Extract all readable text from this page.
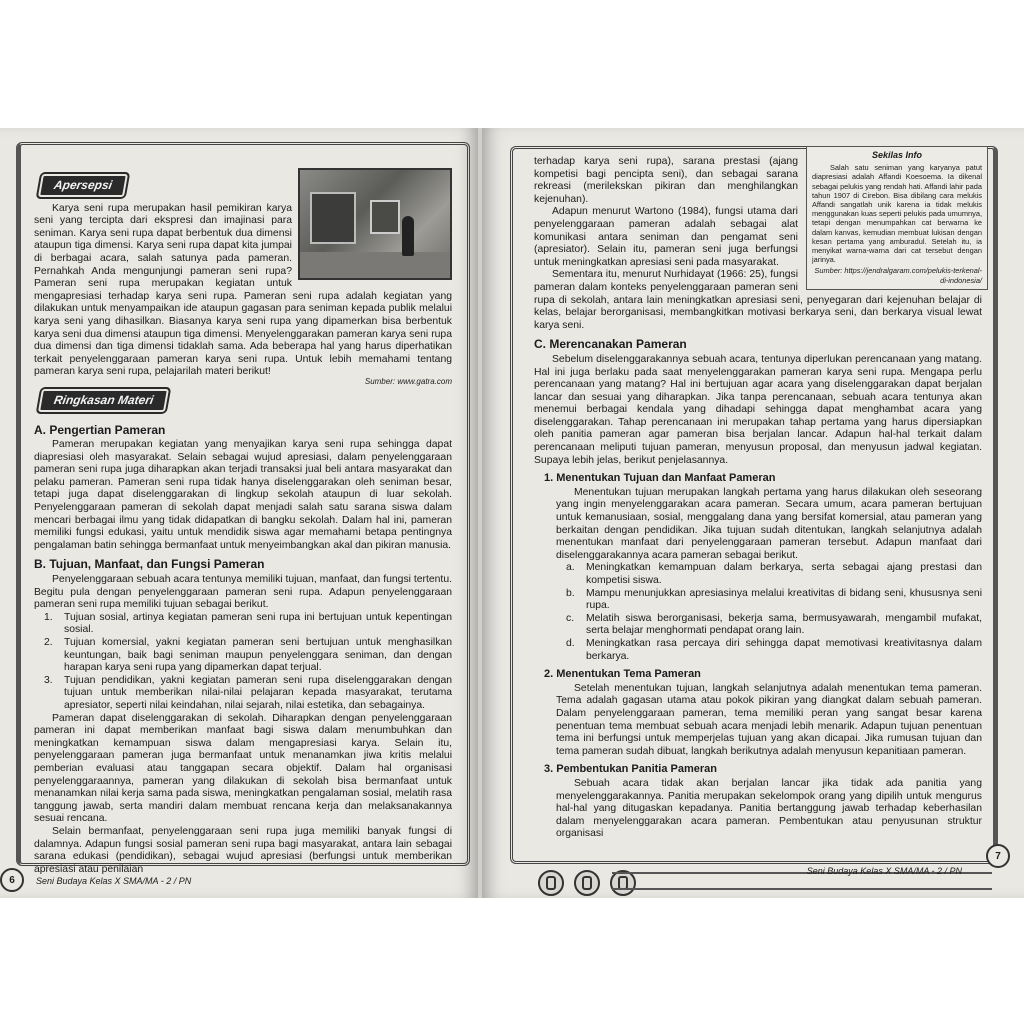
Apersepsi

Karya seni rupa merupakan hasil pemikiran karya seni yang tercipta dari ekspresi dan imajinasi para seniman. Karya seni rupa dapat berbentuk dua dimensi ataupun tiga dimensi. Karya seni rupa dapat kita jumpai di berbagai acara, salah satunya pada pameran. Pernahkah Anda mengunjungi pameran seni rupa? Pameran seni rupa merupakan kegiatan untuk mengapresiasi terhadap karya seni rupa. Pameran seni rupa adalah kegiatan yang dilakukan untuk menyampaikan ide ataupun gagasan para seniman kepada publik melalui karya seni yang dihasilkan. Biasanya karya seni rupa yang dipamerkan bisa berbentuk karya seni dua dimensi ataupun tiga dimensi. Menyelenggarakan pameran karya seni rupa dua dimensi dan tiga dimensi tidaklah sama. Ada beberapa hal yang harus diperhatikan terkait penyelenggaraan pameran karya seni rupa. Untuk lebih memahami tentang pameran karya seni rupa, pelajarilah materi berikut!

Sumber: www.gatra.com
Ringkasan Materi
A. Pengertian Pameran

Pameran merupakan kegiatan yang menyajikan karya seni rupa sehingga dapat diapresiasi oleh masyarakat. Selain sebagai wujud apresiasi, dalam penyelenggaraan pameran seni rupa juga diharapkan akan terjadi transaksi jual beli antara masyarakat dan pelaku pameran. Pameran seni rupa tidak hanya diselenggarakan oleh seniman besar, tetapi juga dapat diselenggarakan di lingkup sekolah ataupun di luar sekolah. Penyelenggaraan pameran di sekolah dapat menjadi salah satu sarana siswa dalam mencari berbagai ilmu yang tidak didapatkan di bangku sekolah. Dalam hal ini, pameran memiliki fungsi edukasi, yaitu untuk mendidik siswa agar memahami betapa pentingnya pengalaman batin sehingga bermanfaat untuk menyeimbangkan akal dan pikiran manusia.

B. Tujuan, Manfaat, dan Fungsi Pameran

Penyelenggaraan sebuah acara tentunya memiliki tujuan, manfaat, dan fungsi tertentu. Begitu pula dengan penyelenggaraan pameran seni rupa. Adapun penyelenggaraan pameran seni rupa memiliki tujuan sebagai berikut.

1.	Tujuan sosial, artinya kegiatan pameran seni rupa ini bertujuan untuk kepentingan sosial.
2.	Tujuan komersial, yakni kegiatan pameran seni bertujuan untuk menghasilkan keuntungan, baik bagi seniman maupun penyelenggara seniman, dan dengan harapan karya seni rupa yang dipamerkan dapat terjual.
3.	Tujuan pendidikan, yakni kegiatan pameran seni rupa diselenggarakan dengan tujuan untuk memberikan nilai-nilai pelajaran kepada masyarakat, terutama apresiator, seperti nilai keindahan, nilai sejarah, nilai estetika, dan sebagainya.

Pameran dapat diselenggarakan di sekolah. Diharapkan dengan penyelenggaraan pameran ini dapat memberikan manfaat bagi siswa dalam menumbuhkan dan meningkatkan kemampuan siswa dalam mengapresiasi karya. Selain itu, penyelenggaraan pameran juga bermanfaat untuk menanamkan jiwa kritis melalui pemberian evaluasi atau tanggapan secara objektif. Dalam hal organisasi penyelenggaraannya, pameran yang dilakukan di sekolah bisa bermanfaat untuk menanamkan nilai kerja sama pada siswa, meningkatkan pengalaman sosial, melatih rasa tanggung jawab, serta mandiri dalam membuat rencana kerja dan melaksanakannya sesuai rencana.

Selain bermanfaat, penyelenggaraan seni rupa juga memiliki banyak fungsi di dalamnya. Adapun fungsi sosial pameran seni rupa bagi masyarakat, antara lain sebagai sarana edukasi (pendidikan), sebagai wujud apresiasi (berfungsi untuk memberikan apresiasi atau penilaian

6	Seni Budaya Kelas X SMA/MA - 2 / PN
Sekilas Info

Salah satu seniman yang karyanya patut diapresiasi adalah Affandi Koesoema. Ia dikenal sebagai pelukis yang rendah hati. Affandi lahir pada tahun 1907 di Cirebon. Bisa dibilang cara melukis Affandi sangatlah unik karena ia tidak melukis menggunakan kuas seperti pelukis pada umumnya, tetapi dengan menumpahkan cat berwarna ke dalam kanvas, kemudian membuat lukisan dengan kesan pertama yang amburadul. Setelah itu, ia menyikat warna-warna dari cat tersebut dengan jarinya.

Sumber: https://jendralgaram.com/pelukis-terkenal-di-indonesia/

terhadap karya seni rupa), sarana prestasi (ajang kompetisi bagi pencipta seni), dan sebagai sarana rekreasi (merilekskan pikiran dan menghilangkan kejenuhan).

Adapun menurut Wartono (1984), fungsi utama dari penyelenggaraan pameran adalah sebagai alat komunikasi antara seniman dan pengamat seni (apresiator). Selain itu, pameran seni juga berfungsi untuk meningkatkan apresiasi seni pada masyarakat.

Sementara itu, menurut Nurhidayat (1966: 25), fungsi pameran dalam konteks penyelenggaraan pameran seni rupa di sekolah, antara lain meningkatkan apresiasi seni, penyegaran dari kejenuhan belajar di kelas, belajar berorganisasi, membangkitkan motivasi berkarya seni, dan berkarya visual lewat karya seni.

C. Merencanakan Pameran

Sebelum diselenggarakannya sebuah acara, tentunya diperlukan perencanaan yang matang. Hal ini juga berlaku pada saat menyelenggarakan pameran karya seni rupa. Mengapa perlu perencanaan yang matang? Hal ini bertujuan agar acara yang diselenggarakan dapat berjalan lancar dan sesuai yang diharapkan. Jika tanpa perencanaan, sebuah acara tentunya akan menemui berbagai kendala yang dihadapi sehingga dapat menghambat acara yang diselenggarakan. Tahap perencanaan ini merupakan tahap pertama yang harus dipersiapkan oleh panitia pameran agar pameran bisa berjalan lancar. Adapun hal-hal terkait dalam perencanaan meliputi tujuan pameran, menyusun proposal, dan menyusun jadwal kegiatan. Supaya lebih jelas, berikut penjelasannya.

1. Menentukan Tujuan dan Manfaat Pameran

Menentukan tujuan merupakan langkah pertama yang harus dilakukan oleh seseorang yang ingin menyelenggarakan acara pameran. Secara umum, acara pameran bertujuan untuk kemanusiaan, sosial, menggalang dana yang bersifat komersial, atau pameran yang berkaitan dengan pendidikan. Jika tujuan sudah ditentukan, langkah selanjutnya adalah menentukan manfaat dari penyelenggaraan pameran tersebut. Adapun manfaat dari diselenggarakannya acara pameran sebagai berikut.

a.	Meningkatkan kemampuan dalam berkarya, serta sebagai ajang prestasi dan kompetisi siswa.
b.	Mampu menunjukkan apresiasinya melalui kreativitas di bidang seni, khususnya seni rupa.
c.	Melatih siswa berorganisasi, bekerja sama, bermusyawarah, mengambil mufakat, serta belajar menghormati pendapat orang lain.
d.	Meningkatkan rasa percaya diri sehingga dapat memotivasi kreativitasnya dalam berkarya.
2. Menentukan Tema Pameran

Setelah menentukan tujuan, langkah selanjutnya adalah menentukan tema pameran. Tema adalah gagasan utama atau pokok pikiran yang diangkat dalam sebuah pameran. Dalam penyelenggaraan pameran, tema memiliki peran yang sangat besar karena penentuan tema membuat sebuah acara menjadi lebih menarik. Adapun tujuan penentuan tema ini berfungsi untuk memperjelas tujuan yang akan dicapai. Jika rumusan tujuan dan tema pameran sudah dibuat, langkah berikutnya adalah menyusun kepanitiaan pameran.

3. Pembentukan Panitia Pameran

Sebuah acara tidak akan berjalan lancar jika tidak ada panitia yang menyelenggarakannya. Panitia merupakan sekelompok orang yang dipilih untuk mengurus hal-hal yang ditugaskan kepadanya. Panitia bertanggung jawab terhadap keberhasilan dalam menyelenggarakan acara pameran. Pembentukan atau penyusunan struktur organisasi

Seni Budaya Kelas X SMA/MA - 2 / PN
7
